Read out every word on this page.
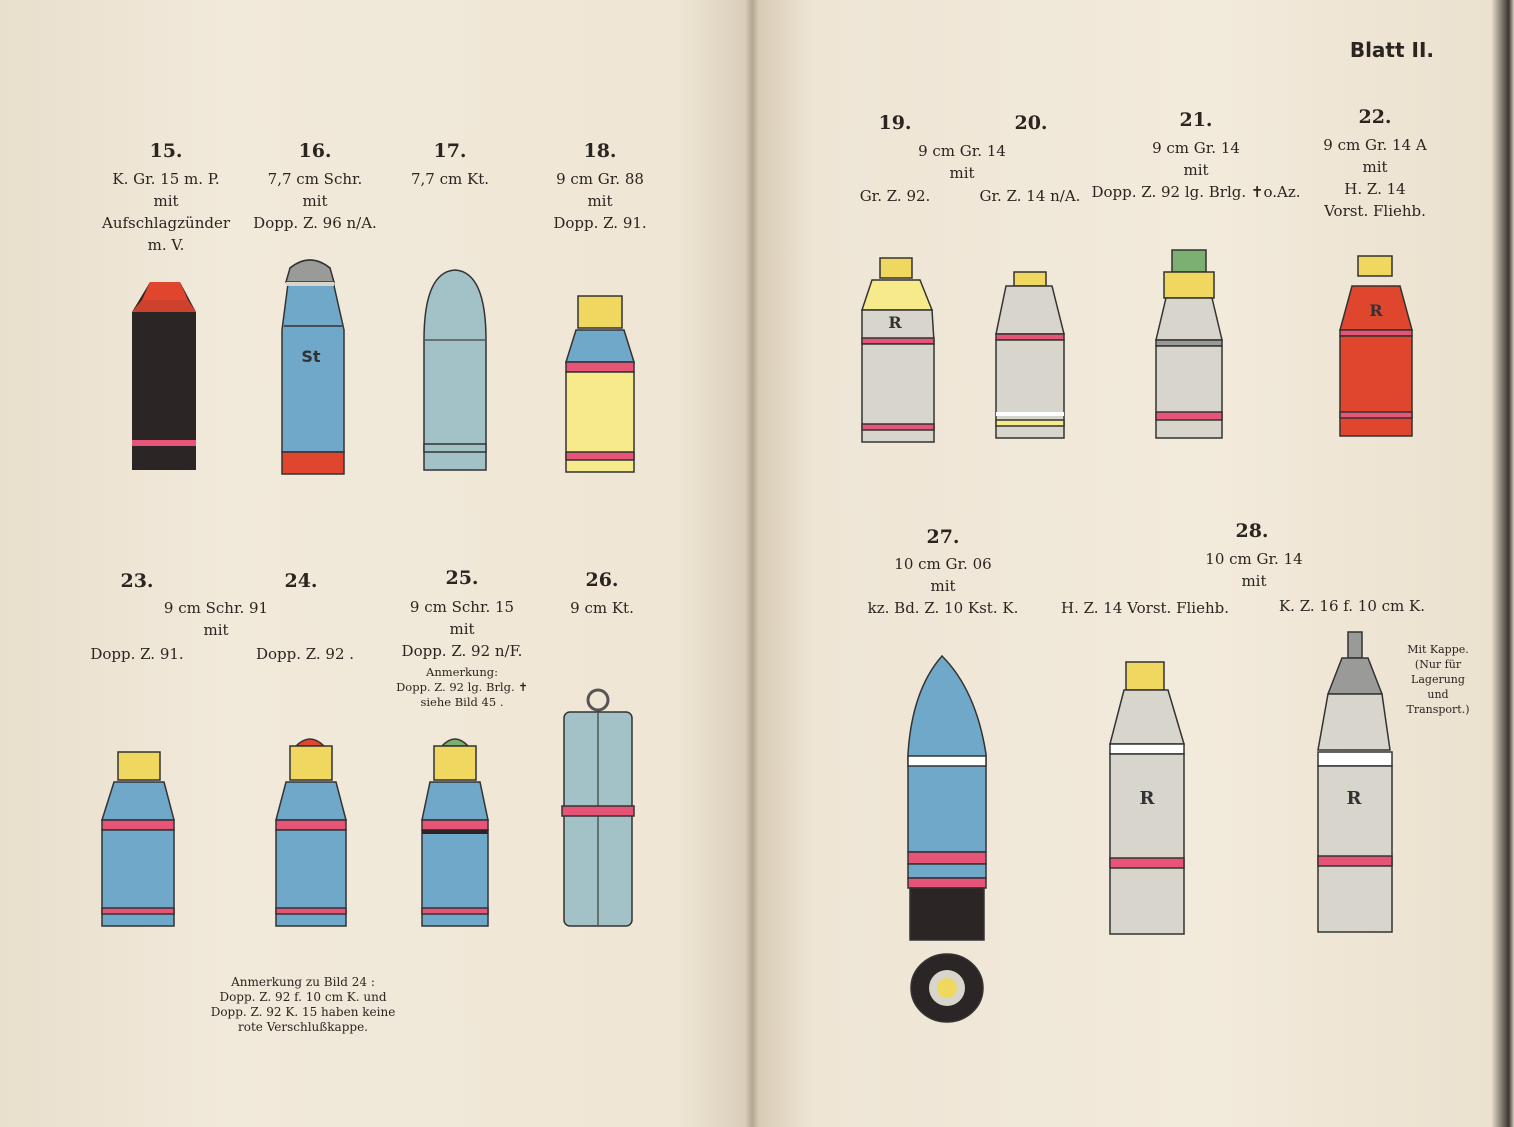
Blatt II.
15.
K. Gr. 15 m. P.
mit
Aufschlagzünder
m. V.
16.
7,7 cm Schr.
mit
Dopp. Z. 96 n/A.
17.
7,7 cm Kt.
18.
9 cm Gr. 88
mit
Dopp. Z. 91.
23.	24.
9 cm Schr. 91
mit
Dopp. Z. 91.	Dopp. Z. 92 .
25.
9 cm Schr. 15
mit
Dopp. Z. 92 n/F.
Anmerkung:
Dopp. Z. 92 lg. Brlg. ✝
siehe Bild 45 .
26.
9 cm Kt.
Anmerkung zu Bild 24 :
Dopp. Z. 92 f. 10 cm K. und
Dopp. Z. 92 K. 15 haben keine
rote Verschlußkappe.
19.	20.
9 cm Gr. 14
mit
Gr. Z. 92.	Gr. Z. 14 n/A.
21.
9 cm Gr. 14
mit
Dopp. Z. 92 lg. Brlg. ✝o.Az.
22.
9 cm Gr. 14 A
mit
H. Z. 14
Vorst. Fliehb.
27.
10 cm Gr. 06
mit
kz. Bd. Z. 10 Kst. K.
28.
10 cm Gr. 14
mit
H. Z. 14 Vorst. Fliehb.	K. Z. 16 f. 10 cm K.
Mit Kappe.
(Nur für
Lagerung
und
Transport.)
St
R
R
R	R
